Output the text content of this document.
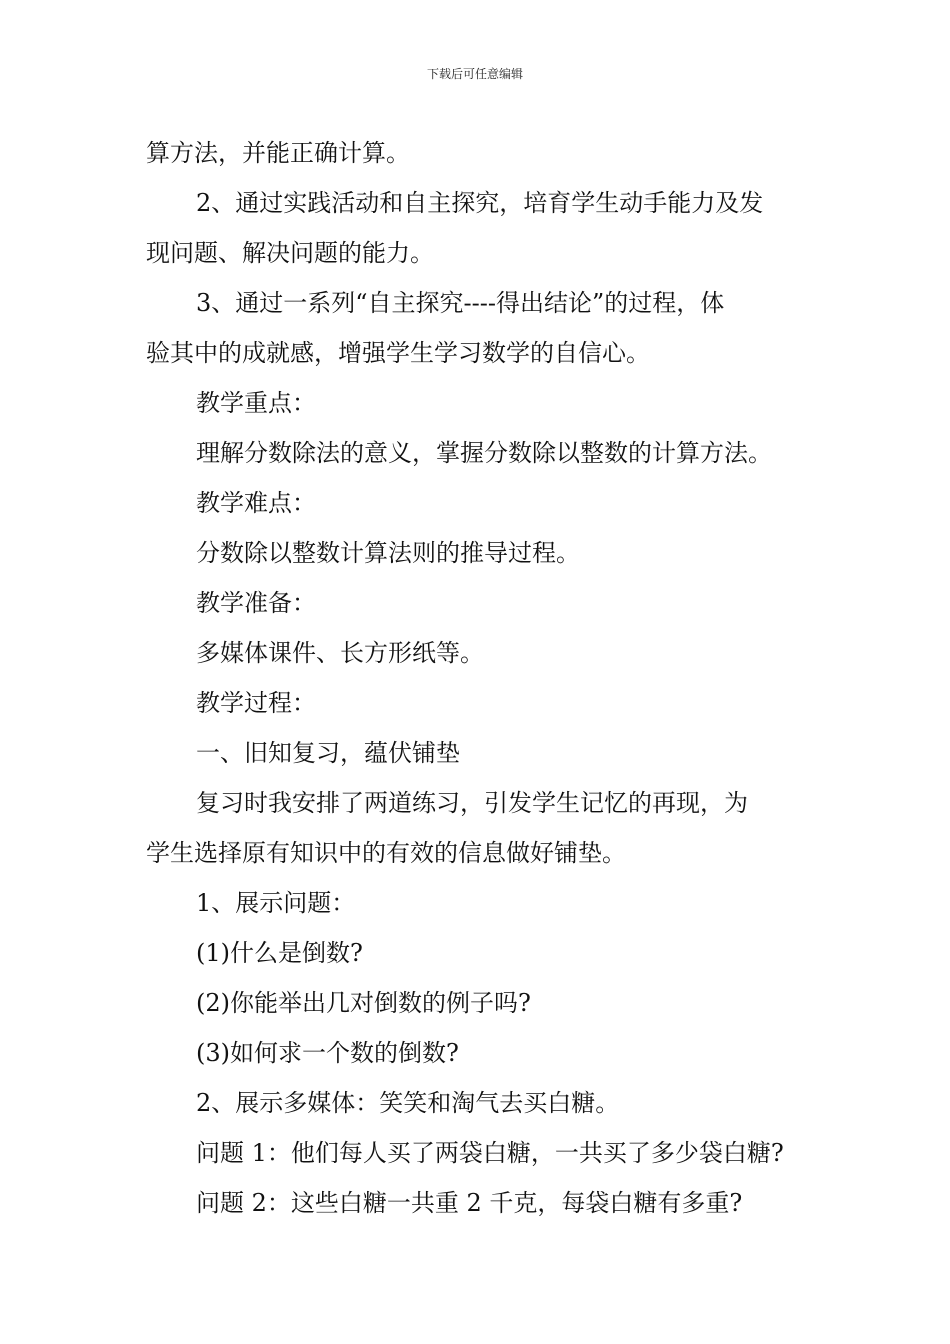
下载后可任意编辑

算方法，并能正确计算。

2、通过实践活动和自主探究，培育学生动手能力及发

现问题、解决问题的能力。

3、通过一系列“自主探究----得出结论”的过程，体

验其中的成就感，增强学生学习数学的自信心。

教学重点：

理解分数除法的意义，掌握分数除以整数的计算方法。

教学难点：

分数除以整数计算法则的推导过程。

教学准备：

多媒体课件、长方形纸等。

教学过程：

一、旧知复习，蕴伏铺垫

复习时我安排了两道练习，引发学生记忆的再现，为

学生选择原有知识中的有效的信息做好铺垫。

1、展示问题：

(1)什么是倒数?

(2)你能举出几对倒数的例子吗?

(3)如何求一个数的倒数?

2、展示多媒体：笑笑和淘气去买白糖。

问题 1：他们每人买了两袋白糖，一共买了多少袋白糖?

问题 2：这些白糖一共重 2 千克，每袋白糖有多重?
